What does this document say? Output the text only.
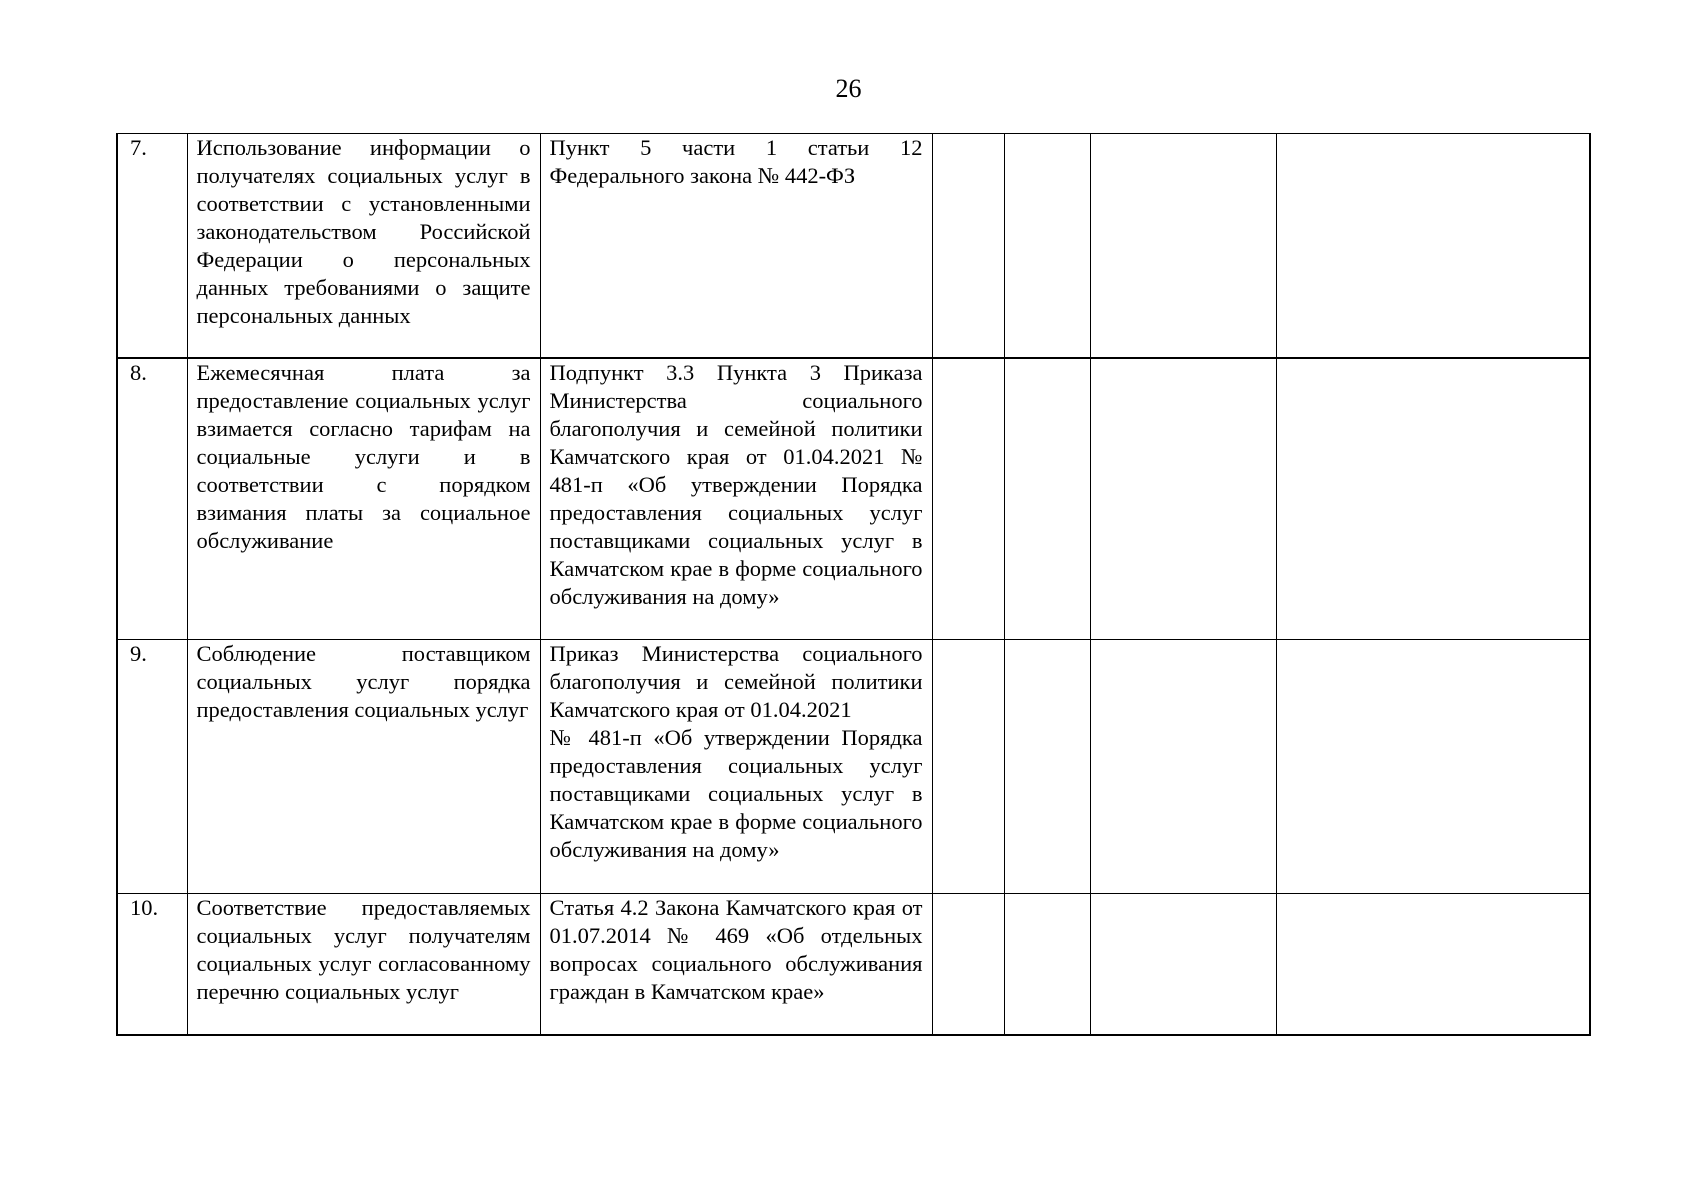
26
7.	Использование информации о получателях социальных услуг в соответствии с установленными законодательством Российской Федерации о персональных данных требованиями о защите персональных данных	Пункт 5 части 1 статьи 12 Федерального закона № 442-ФЗ				
8.	Ежемесячная плата за предоставление социальных услуг взимается согласно тарифам на социальные услуги и в соответствии с порядком взимания платы за социальное обслуживание	Подпункт 3.3 Пункта 3 Приказа Министерства социального благополучия и семейной политики Камчатского края от 01.04.2021 № 481-п «Об утверждении Порядка предоставления социальных услуг поставщиками социальных услуг в Камчатском крае в форме социального обслуживания на дому»				
9.	Соблюдение поставщиком социальных услуг порядка предоставления социальных услуг	Приказ Министерства социального благополучия и семейной политики Камчатского края от 01.04.2021
№ 481-п «Об утверждении Порядка предоставления социальных услуг поставщиками социальных услуг в Камчатском крае в форме социального обслуживания на дому»				
10.	Соответствие предоставляемых социальных услуг получателям социальных услуг согласованному перечню социальных услуг	Статья 4.2 Закона Камчатского края от 01.07.2014 № 469 «Об отдельных вопросах социального обслуживания граждан в Камчатском крае»				
